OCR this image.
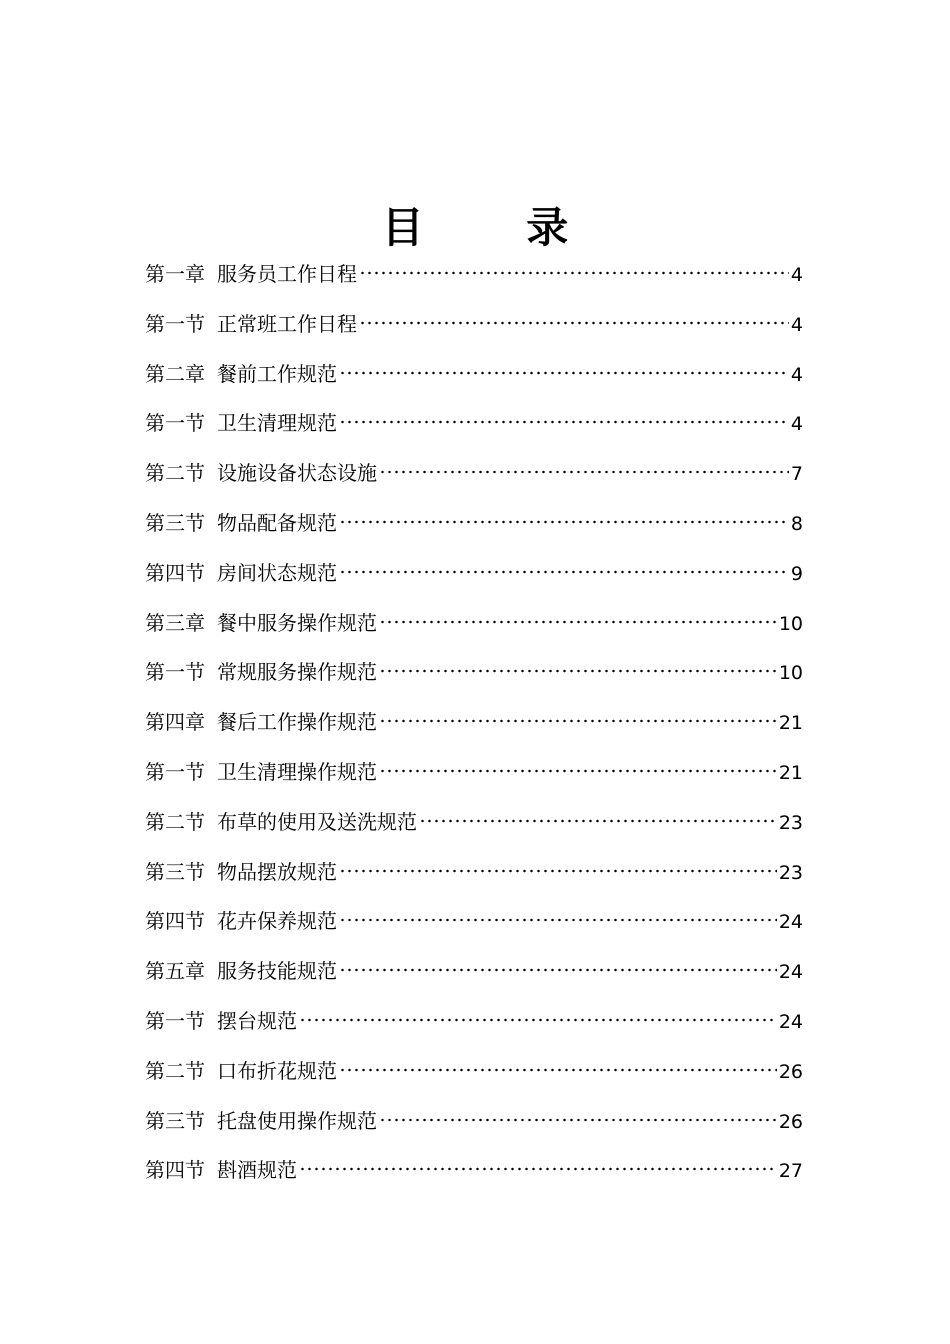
目 录
第一章 服务员工作日程	4
第一节 正常班工作日程	4
第二章 餐前工作规范	4
第一节 卫生清理规范	4
第二节 设施设备状态设施	7
第三节 物品配备规范	8
第四节 房间状态规范	9
第三章 餐中服务操作规范	10
第一节 常规服务操作规范	10
第四章 餐后工作操作规范	21
第一节 卫生清理操作规范	21
第二节 布草的使用及送洗规范	23
第三节 物品摆放规范	23
第四节 花卉保养规范	24
第五章 服务技能规范	24
第一节 摆台规范	24
第二节 口布折花规范	26
第三节 托盘使用操作规范	26
第四节 斟酒规范	27
